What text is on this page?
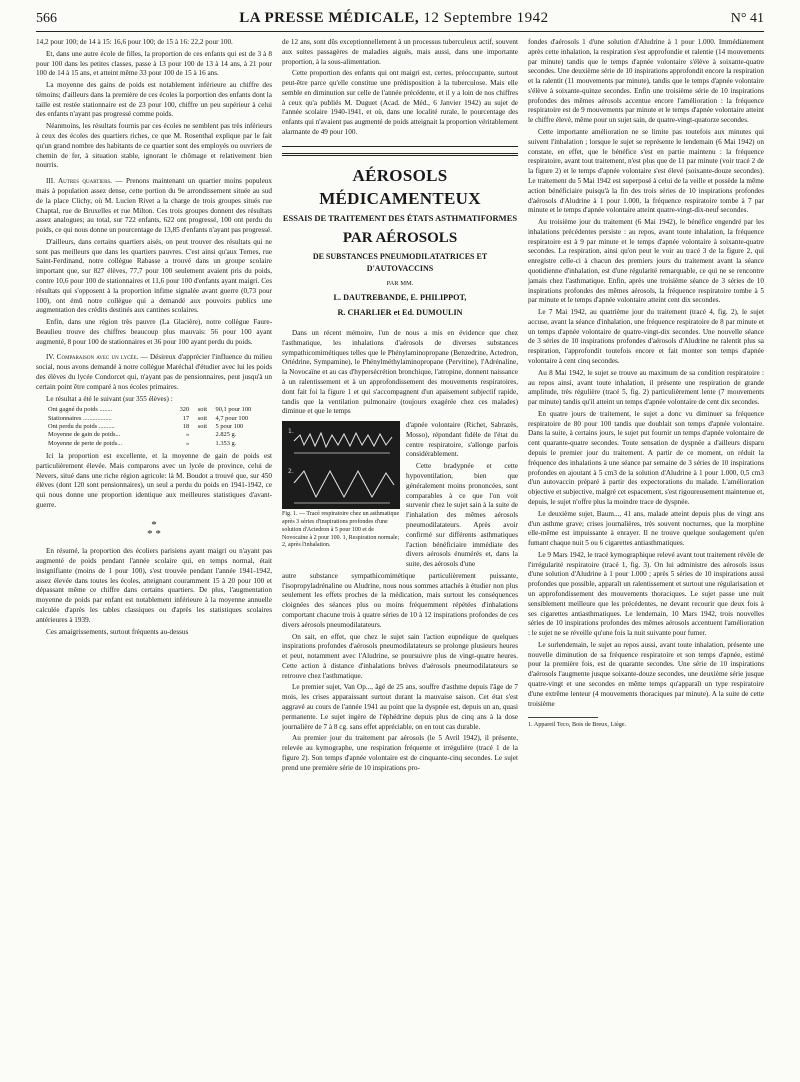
566	LA PRESSE MÉDICALE, 12 Septembre 1942	N° 41

14,2 pour 100; de 14 à 15: 16,6 pour 100; de 15 à 16: 22,2 pour 100.

Et, dans une autre école de filles, la proportion de ces enfants qui est de 3 à 8 pour 100 dans les petites classes, passe à 13 pour 100 de 13 à 14 ans, à 21 pour 100 de 14 à 15 ans, et atteint même 33 pour 100 de 15 à 16 ans.

La moyenne des gains de poids est notablement inférieure au chiffre des témoins; d'ailleurs dans la première de ces écoles la porportion des enfants dont la taille est restée stationnaire est de 23 pour 100, chiffre un peu supérieur à celui des enfants n'ayant pas progressé comme poids.

Néanmoins, les résultats fournis par ces écoles ne semblent pas très inférieurs à ceux des écoles des quartiers riches, ce que M. Rosenthal explique par le fait qu'un grand nombre des habitants de ce quartier sont des employés ou ouvriers de chemin de fer, à situation stable, ignorant le chômage et relativement bien nourris.

III. Autres quartiers. — Prenons maintenant un quartier moins populeux mais à population assez dense, cette portion du 9e arrondissement située au sud de la place Clichy, où M. Lucien Rivet a la charge de trois groupes situés rue Chaptal, rue de Bruxelles et rue Milton. Ces trois groupes donnent des résultats assez analogues; au total, sur 722 enfants, 622 ont progressé, 100 ont perdu du poids, ce qui nous donne un pourcentage de 13,85 d'enfants n'ayant pas progressé.

D'ailleurs, dans certains quartiers aisés, on peut trouver des résultats qui ne sont pas meilleurs que dans les quartiers pauvres. C'est ainsi qu'aux Ternes, rue Saint-Ferdinand, notre collègue Rabasse a trouvé dans un groupe scolaire important que, sur 827 élèves, 77,7 pour 100 seulement avaient pris du poids, contre 10,6 pour 100 de stationnaires et 11,6 pour 100 d'enfants ayant maigri. Ces résultats qui s'opposent à la proportion infime signalée avant guerre (0,73 pour 100), ont émû notre collègue qui a demandé aux pouvoirs publics une augmentation des crédits destinés aux cantines scolaires.

Enfin, dans une région très pauvre (La Glacière), notre collègue Faure-Beaulieu trouve des chiffres beaucoup plus mauvais: 56 pour 100 ayant augmenté, 8 pour 100 de stationnaires et 36 pour 100 ayant perdu du poids.

IV. Comparaison avec un lycée. — Désireux d'apprécier l'influence du milieu social, nous avons demandé à notre collègue Maréchal d'étudier avec lui les poids des élèves du lycée Condorcet qui, n'ayant pas de pensionnaires, peut jusqu'à un certain point être comparé à nos écoles primaires.

Le résultat a été le suivant (sur 355 élèves) :

Ont gagné du poids ........	320	soit	90,1 pour 100
Stationnaires ..................	17	soit	4,7 pour 100
Ont perdu du poids ..........	18	soit	5 pour 100
Moyenne de gain de poids...	»	2.825 g.
Moyenne de perte de poids...	»	1.353 g.

Ici la proportion est excellente, et la moyenne de gain de poids est particulièrement élevée. Mais comparons avec un lycée de province, celui de Nevers, situé dans une riche région agricole: là M. Boudot a trouvé que, sur 450 élèves (dont 120 sont pensionnaires), un seul a perdu du poids en 1941-1942, ce qui nous donne une proportion identique aux meilleures statistiques d'avant-guerre.

*
* *

En résumé, la proportion des écoliers parisiens ayant maigri ou n'ayant pas augmenté de poids pendant l'année scolaire qui, en temps normal, était insignifiante (moins de 1 pour 100), s'est trouvée pendant l'année 1941-1942, assez élevée dans toutes les écoles, atteignant couramment 15 à 20 pour 100 et dépassant même ce chiffre dans certains quartiers. De plus, l'augmentation moyenne de poids par enfant est notablement inférieure à la moyenne annuelle calculée d'après les tables classiques ou d'après les statistiques scolaires antérieures à 1939.

Ces amaigrissements, surtout fréquents au-dessus

de 12 ans, sont dûs exceptionnellement à un processus tuberculeux actif, souvent aux suites passagères de maladies aiguës, mais aussi, dans une importante proportion, à la sous-alimentation.

Cette proportion des enfants qui ont maigri est, certes, préoccupante, surtout peut-être parce qu'elle constitue une prédisposition à la tuberculose. Mais elle semble en diminution sur celle de l'année précédente, et il y a loin de nos chiffres à ceux qu'a publiés M. Duguet (Acad. de Méd., 6 Janvier 1942) au sujet de l'année scolaire 1940-1941, et où, dans une localité rurale, le pourcentage des enfants qui n'avaient pas augmenté de poids atteignait la proportion véritablement alarmante de 49 pour 100.

AÉROSOLS MÉDICAMENTEUX
ESSAIS DE TRAITEMENT DES ÉTATS ASTHMATIFORMES
PAR AÉROSOLS
DE SUBSTANCES PNEUMODILATATRICES ET D'AUTOVACCINS
PAR MM.
L. DAUTREBANDE, E. PHILIPPOT,
R. CHARLIER et Ed. DUMOULIN

Dans un récent mémoire, l'un de nous a mis en évidence que chez l'asthmatique, les inhalations d'aérosols de diverses substances sympathicomimétiques telles que le Phénylaminopropane (Benzedrine, Actedron, Ortédrine, Sympamine), le Phénylméthylaminopropane (Pervitine), l'Adrénaline, la Novocaïne et au cas d'hypersécrétion bronchique, l'atropine, donnent naissance à un ralentissement et à un approfondissement des mouvements respiratoires, dont fait foi la figure 1 et qui s'accompagnent d'un apaisement subjectif rapide, tandis que la ventilation pulmonaire (toujours exagérée chez ces malades) diminue et que le temps

1.
2.
Fig. 1. — Tracé respiratoire chez un asthmatique après 3 séries d'inspirations profondes d'une solution d'Actedron à 5 pour 100 et de Novocaïne à 2 pour 100. 1, Respiration normale; 2, après l'inhalation.

d'apnée volontaire (Richet, Sabrazès, Mosso), répondant fidèle de l'état du centre respiratoire, s'allonge parfois considérablement.

Cette bradypnée et cette hypoventilation, bien que généralement moins prononcées, sont comparables à ce que l'on voit survenir chez le sujet sain à la suite de l'inhalation des mêmes aérosols pneumodilatateurs. Après avoir confirmé sur différents asthmatiques l'action bénéficiaire immédiate des divers aérosols énumérés et, dans la suite, des aérosols d'une

autre substance sympathicomimétique particulièrement puissante, l'isopropyladrénaline ou Aludrine, nous nous sommes attachés à étudier non plus seulement les effets proches de la médication, mais surtout les conséquences cloignées des séances plus ou moins fréquemment répétées d'inhalations comportant chacune trois à quatre séries de 10 à 12 inspirations profondes de ces divers aérosols pneumodilatateurs.

On sait, en effet, que chez le sujet sain l'action eupnéique de quelques inspirations profondes d'aérosols pneumodilatateurs se prolonge plusieurs heures et peut, notamment avec l'Aludrine, se poursuivre plus de vingt-quatre heures. Cette action à distance d'inhalations brèves d'aérosols pneumodilatateurs se retrouve chez l'asthmatique.

Le premier sujet, Van Op..., âgé de 25 ans, souffre d'asthme depuis l'âge de 7 mois, les crises apparaissant surtout durant la mauvaise saison. Cet état s'est aggravé au cours de l'année 1941 au point que la dyspnée est, depuis un an, quasi permanente. Le sujet ingère de l'éphédrine depuis plus de cinq ans à la dose journalière de 7 à 8 cg. sans effet appréciable, on en tout cas durable.

Au premier jour du traitement par aérosols (le 5 Avril 1942), il présente, relevée au kymographe, une respiration fréquente et irrégulière (tracé 1 de la figure 2). Son temps d'apnée volontaire est de cinquante-cinq secondes. Le sujet prend une première série de 10 inspirations pro-

fondes d'aérosols 1 d'une solution d'Aludrine à 1 pour 1.000. Immédiatement après cette inhalation, la respiration s'est approfondie et ralentie (14 mouvements par minute) tandis que le temps d'apnée volontaire s'élève à soixante-quatre secondes. Une deuxième série de 10 inspirations approfondit encore la respiration et la ralentit (11 mouvements par minute), tandis que le temps d'apnée volontaire s'élève à soixante-quinze secondes. Enfin une troisième série de 10 inspirations profondes des mêmes aérosols accentue encore l'amélioration : la fréquence respiratoire est de 9 mouvements par minute et le temps d'apnée volontaire atteint le chiffre élevé, même pour un sujet sain, de quatre-vingt-quatorze secondes.

Cette importante amélioration ne se limite pas toutefois aux minutes qui suivent l'inhalation ; lorsque le sujet se représente le lendemain (6 Mai 1942) on constate, en effet, que le bénéfice s'est en partie maintenu : la fréquence respiratoire, avant tout traitement, n'est plus que de 11 par minute (voir tracé 2 de la figure 2) et le temps d'apnée volontaire s'est élevé (soixante-douze secondes). Le traitement du 5 Mai 1942 est superposé à celui de la veille et possède la même action bénéficiaire puisqu'à la fin des trois séries de 10 inspirations profondes d'aérosols d'Aludrine à 1 pour 1.000, la fréquence respiratoire tombe à 7 par minute et le temps d'apnée volontaire atteint quatre-vingt-dix-neuf secondes.

Au troisième jour du traitement (6 Mai 1942), le bénéfice engendré par les inhalations précédentes persiste : au repos, avant toute inhalation, la fréquence respiratoire est à 9 par minute et le temps d'apnée volontaire à soixante-quatre secondes. La respiration, ainsi qu'on peut le voir au tracé 3 de la figure 2, qui enregistre celle-ci à chacun des premiers jours du traitement avant la séance quotidienne d'inhalation, est d'une régularité remarquable, ce qui ne se rencontre jamais chez l'asthmatique. Enfin, après une troisième séance de 3 séries de 10 inspirations profondes des mêmes aérosols, la fréquence respiratoire tombe à 5 par minute et le temps d'apnée volontaire atteint cent dix secondes.

Le 7 Mai 1942, au quatrième jour du traitement (tracé 4, fig. 2), le sujet accuse, avant la séance d'inhalation, une fréquence respiratoire de 8 par minute et un temps d'apnée volontaire de quatre-vingt-dix secondes. Une nouvelle séance de 3 séries de 10 inspirations profondes d'aérosols d'Aludrine ne ralentit plus sa respiration, l'approfondit toutefois encore et fait monter son temps d'apnée volontaire à cent cinq secondes.

Au 8 Mai 1942, le sujet se trouve au maximum de sa condition respiratoire : au repos ainsi, avant toute inhalation, il présente une respiration de grande amplitude, très régulière (tracé 5, fig. 2) particulièrement lente (7 mouvements par minute) tandis qu'il atteint un temps d'apnée volontaire de cent dix secondes.

En quatre jours de traitement, le sujet a donc vu diminuer sa fréquence respiratoire de 80 pour 100 tandis que doublait son temps d'apnée volontaire. Dans la suite, à certains jours, le sujet put fournir un temps d'apnée volontaire de cent quarante-quatre secondes. Toute sensation de dyspnée a d'ailleurs disparu depuis le premier jour du traitement. A partir de ce moment, on réduit la fréquence des inhalations à une séance par semaine de 3 séries de 10 inspirations profondes en ajoutant à 5 cm3 de la solution d'Aludrine à 1 pour 1.000, 0,5 cm3 d'un autovaccin préparé à partir des expectorations du malade. L'amélioration objective et subjective, malgré cet espacement, s'est rigoureusement maintenue et, depuis, le sujet n'offre plus la moindre trace de dyspnée.

Le deuxième sujet, Baum..., 41 ans, malade atteint depuis plus de vingt ans d'un asthme grave; crises journalières, très souvent nocturnes, que la morphine elle-même est impuissante à enrayer. Il ne trouve quelque soulagement qu'en fumant chaque nuit 5 ou 6 cigarettes antiasthmatiques.

Le 9 Mars 1942, le tracé kymographique relevé avant tout traitement révèle de l'irrégularité respiratoire (tracé 1, fig. 3). On lui administre des aérosols issus d'une solution d'Aludrine à 1 pour 1.000 ; après 5 séries de 10 inspirations aussi profondes que possible, apparaît un ralentissement et surtout une régularisation et un approfondissement des mouvements thoraciques. Le sujet passe une nuit sensiblement meilleure que les précédentes, ne devant recourir que deux fois à ses cigarettes antiasthmatiques. Le lendemain, 10 Mars 1942, trois nouvelles séries de 10 inspirations profondes des mêmes aérosols accentuent l'amélioration : le sujet ne se réveille qu'une fois la nuit suivante pour fumer.

Le surlendemain, le sujet au repos aussi, avant toute inhalation, présente une nouvelle diminution de sa fréquence respiratoire et son temps d'apnée, estimé pour la première fois, est de quarante secondes. Une série de 10 inspirations d'aérosols l'augmente jusque soixante-douze secondes, une deuxième série jusque quatre-vingt et une secondes en même temps qu'apparaît un type respiratoire d'une extrême lenteur (4 mouvements thoraciques par minute). A la suite de cette troisième

1. Appareil Teco, Bois de Breux, Liège.
